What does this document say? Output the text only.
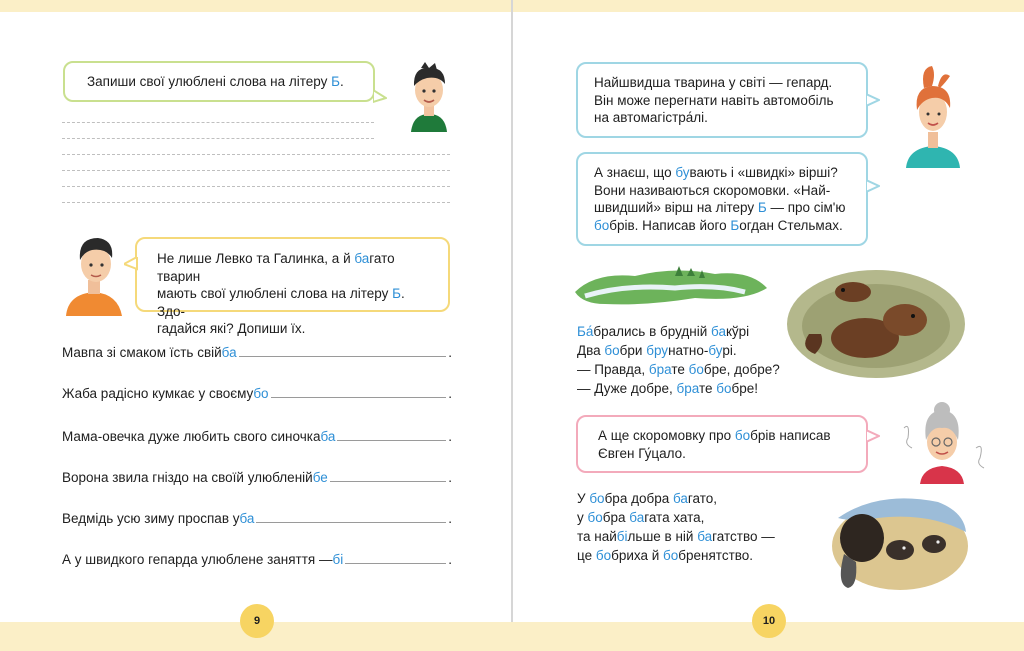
Запиши свої улюблені слова на літеру Б.
Не лише Левко та Галинка, а й багато тварин
мають свої улюблені слова на літеру Б. Здо-
гадайся які? Допиши їх.
Мавпа зі смаком їсть свій ба	.
Жаба радісно кумкає у своєму бо	.
Мама-овечка дуже любить свого синочка ба	.
Ворона звила гніздо на своїй улюбленій бе	.
Ведмідь усю зиму проспав у ба	.
А у швидкого гепарда улюблене заняття — бі	.
9
Найшвидша тварина у світі — гепард.
Він може перегнати навіть автомобіль
на автомагістра́лі.
А знаєш, що бувають і «швидкі» вірші?
Вони називаються скоромовки. «Най-
швидший» вірш на літеру Б — про сім'ю
бобрів. Написав його Богдан Стельмах.
Ба́брались в брудній бакўрі
Два бобри брунатно-бурі.
— Правда, брате бобре, добре?
— Дуже добре, брате бобре!
А ще скоромовку про бобрів написав
Євген Гу́цало.
У бобра добра багато,
у бобра багата хата,
та найбільше в ній багатство —
це бобриха й бобренятство.
10
